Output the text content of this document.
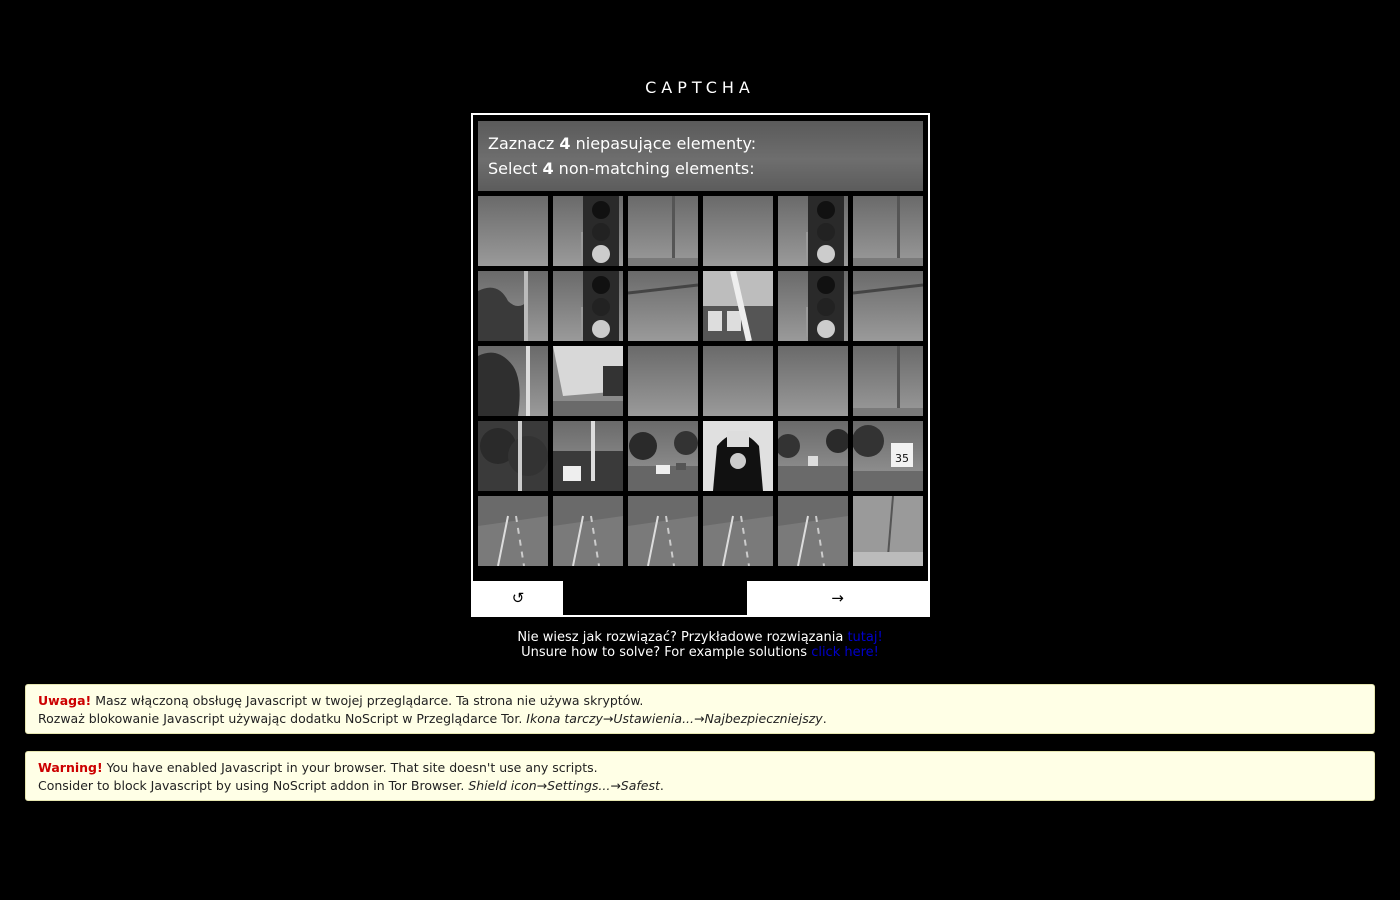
CAPTCHA
Zaznacz 4 niepasujące elementy:
Select 4 non-matching elements:
35
↺	→
Nie wiesz jak rozwiązać? Przykładowe rozwiązania tutaj!
Unsure how to solve? For example solutions click here!
Uwaga! Masz włączoną obsługę Javascript w twojej przeglądarce. Ta strona nie używa skryptów.
Rozważ blokowanie Javascript używając dodatku NoScript w Przeglądarce Tor. Ikona tarczy→Ustawienia...→Najbezpieczniejszy.
Warning! You have enabled Javascript in your browser. That site doesn't use any scripts.
Consider to block Javascript by using NoScript addon in Tor Browser. Shield icon→Settings...→Safest.
